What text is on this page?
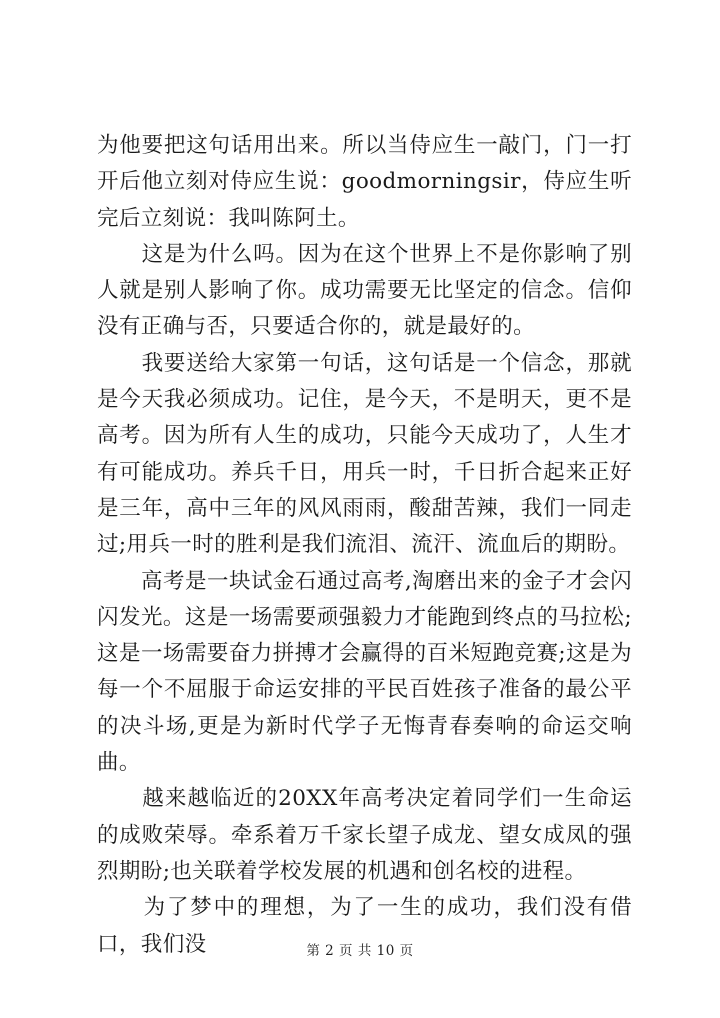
为他要把这句话用出来。所以当侍应生一敲门，门一打开后他立刻对侍应生说：goodmorningsir，侍应生听完后立刻说：我叫陈阿土。

　　这是为什么吗。因为在这个世界上不是你影响了别人就是别人影响了你。成功需要无比坚定的信念。信仰没有正确与否，只要适合你的，就是最好的。

　　我要送给大家第一句话，这句话是一个信念，那就是今天我必须成功。记住，是今天，不是明天，更不是高考。因为所有人生的成功，只能今天成功了，人生才有可能成功。养兵千日，用兵一时，千日折合起来正好是三年，高中三年的风风雨雨，酸甜苦辣，我们一同走过;用兵一时的胜利是我们流泪、流汗、流血后的期盼。

　　高考是一块试金石通过高考,淘磨出来的金子才会闪闪发光。这是一场需要顽强毅力才能跑到终点的马拉松;这是一场需要奋力拼搏才会赢得的百米短跑竞赛;这是为每一个不屈服于命运安排的平民百姓孩子准备的最公平的决斗场,更是为新时代学子无悔青春奏响的命运交响曲。

　　越来越临近的20XX年高考决定着同学们一生命运的成败荣辱。牵系着万千家长望子成龙、望女成凤的强烈期盼;也关联着学校发展的机遇和创名校的进程。

　　为了梦中的理想，为了一生的成功，我们没有借口，我们没	第 2 页 共 10 页
